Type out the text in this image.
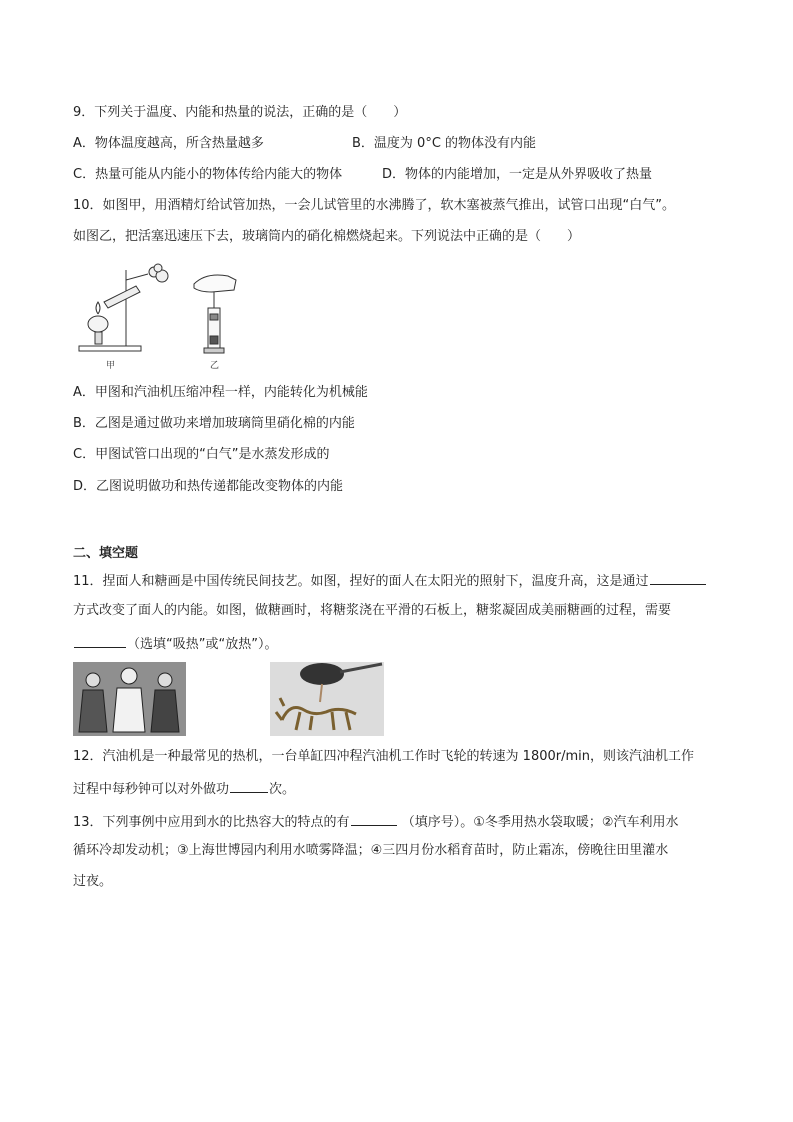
9．下列关于温度、内能和热量的说法，正确的是（　　）
A．物体温度越高，所含热量越多	B．温度为 0°C 的物体没有内能
C．热量可能从内能小的物体传给内能大的物体	D．物体的内能增加，一定是从外界吸收了热量
10．如图甲，用酒精灯给试管加热，一会儿试管里的水沸腾了，软木塞被蒸气推出，试管口出现“白气”。
如图乙，把活塞迅速压下去，玻璃筒内的硝化棉燃烧起来。下列说法中正确的是（　　）
甲	乙
A．甲图和汽油机压缩冲程一样，内能转化为机械能
B．乙图是通过做功来增加玻璃筒里硝化棉的内能
C．甲图试管口出现的“白气”是水蒸发形成的
D．乙图说明做功和热传递都能改变物体的内能
二、填空题
11．捏面人和糖画是中国传统民间技艺。如图，捏好的面人在太阳光的照射下，温度升高，这是通过
方式改变了面人的内能。如图，做糖画时，将糖浆浇在平滑的石板上，糖浆凝固成美丽糖画的过程，需要
（选填“吸热”或“放热”）。
12．汽油机是一种最常见的热机，一台单缸四冲程汽油机工作时飞轮的转速为 1800r/min，则该汽油机工作
过程中每秒钟可以对外做功	次。
13．下列事例中应用到水的比热容大的特点的有	（填序号）。①冬季用热水袋取暖；②汽车利用水
循环冷却发动机；③上海世博园内利用水喷雾降温；④三四月份水稻育苗时，防止霜冻，傍晚往田里灌水
过夜。
